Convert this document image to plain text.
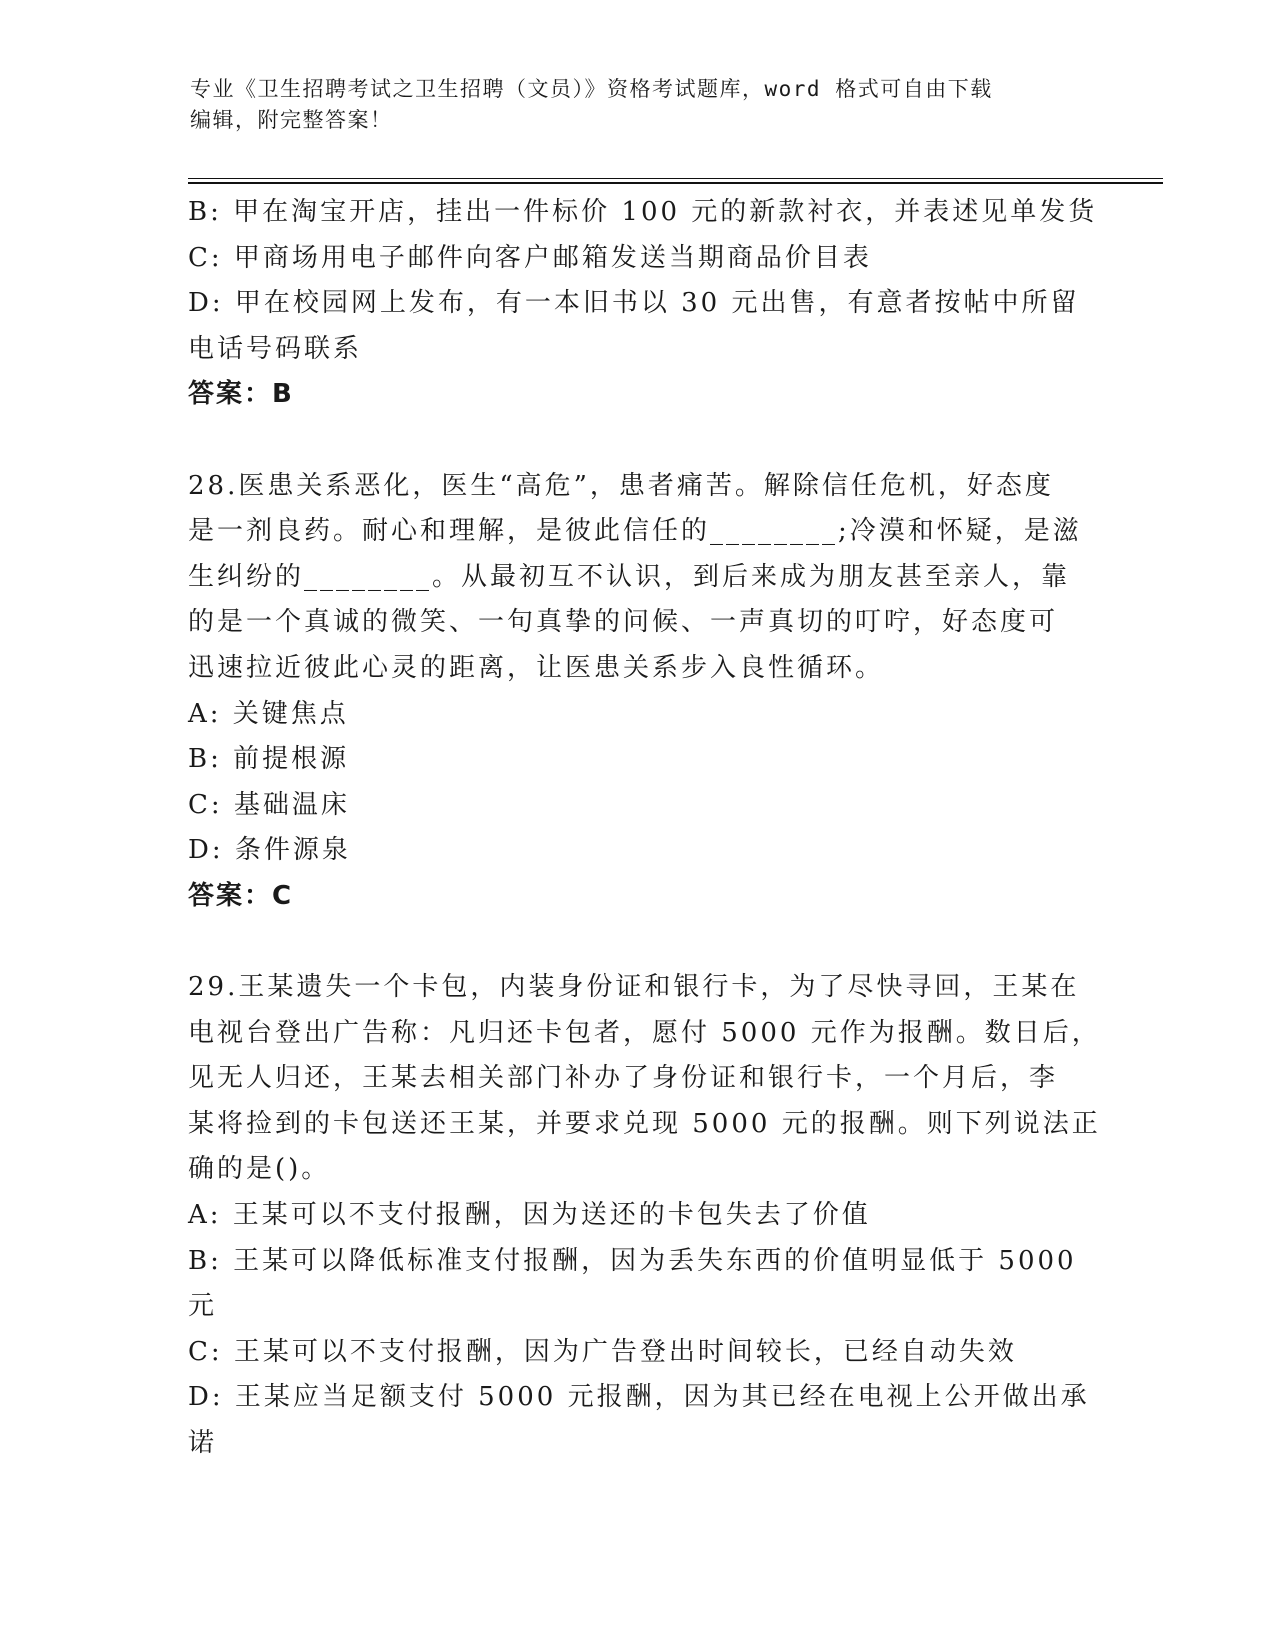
专业《卫生招聘考试之卫生招聘（文员）》资格考试题库，word 格式可自由下载
编辑，附完整答案！
B: 甲在淘宝开店，挂出一件标价 100 元的新款衬衣，并表述见单发货
C: 甲商场用电子邮件向客户邮箱发送当期商品价目表
D: 甲在校园网上发布，有一本旧书以 30 元出售，有意者按帖中所留
电话号码联系
答案：B
28.医患关系恶化，医生“高危”，患者痛苦。解除信任危机，好态度
是一剂良药。耐心和理解，是彼此信任的________;冷漠和怀疑，是滋
生纠纷的________。从最初互不认识，到后来成为朋友甚至亲人，靠
的是一个真诚的微笑、一句真挚的问候、一声真切的叮咛，好态度可
迅速拉近彼此心灵的距离，让医患关系步入良性循环。
A: 关键焦点
B: 前提根源
C: 基础温床
D: 条件源泉
答案：C
29.王某遗失一个卡包，内装身份证和银行卡，为了尽快寻回，王某在
电视台登出广告称：凡归还卡包者，愿付 5000 元作为报酬。数日后，
见无人归还，王某去相关部门补办了身份证和银行卡，一个月后，李
某将捡到的卡包送还王某，并要求兑现 5000 元的报酬。则下列说法正
确的是()。
A: 王某可以不支付报酬，因为送还的卡包失去了价值
B: 王某可以降低标准支付报酬，因为丢失东西的价值明显低于 5000
元
C: 王某可以不支付报酬，因为广告登出时间较长，已经自动失效
D: 王某应当足额支付 5000 元报酬，因为其已经在电视上公开做出承
诺
